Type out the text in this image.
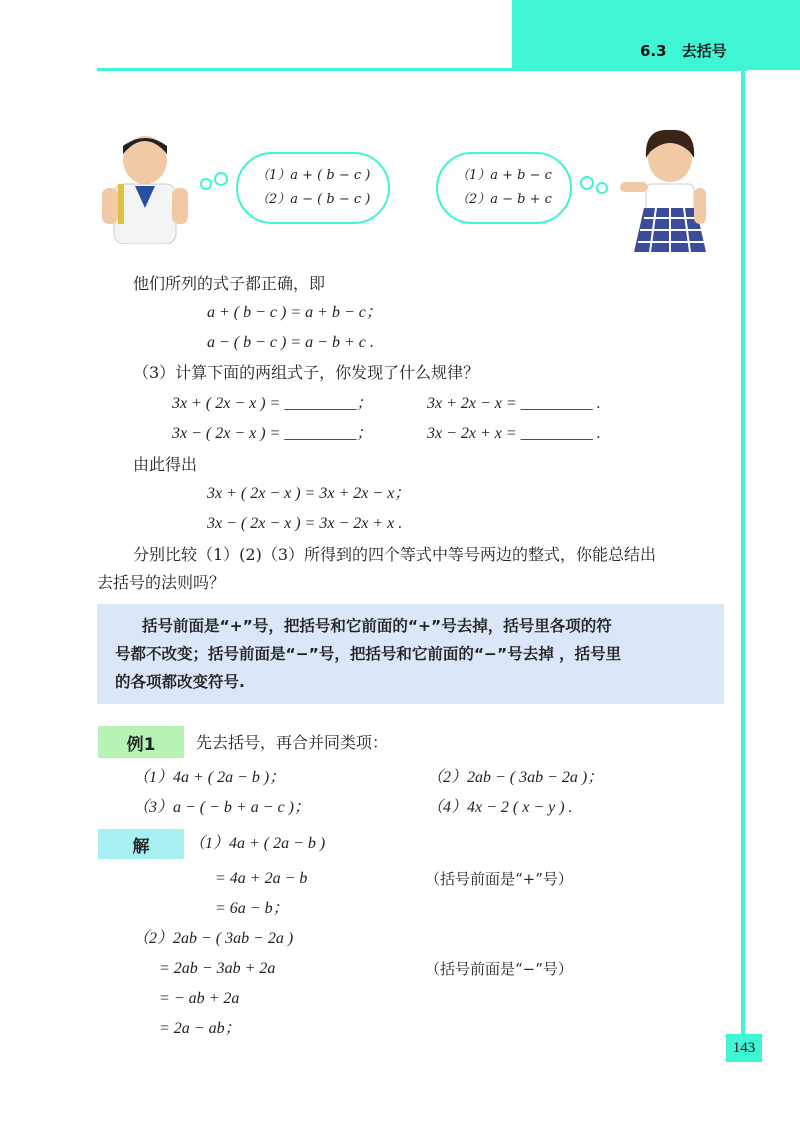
6.3　去括号
（1）a + ( b − c )
（2）a − ( b − c )
（1）a + b − c
（2）a − b + c
他们所列的式子都正确，即
a + ( b − c ) = a + b − c；
a − ( b − c ) = a − b + c .
（3）计算下面的两组式子，你发现了什么规律？
3x + ( 2x − x ) = _________；	3x + 2x − x = _________ .
3x − ( 2x − x ) = _________；	3x − 2x + x = _________ .
由此得出
3x + ( 2x − x ) = 3x + 2x − x；
3x − ( 2x − x ) = 3x − 2x + x .
分别比较（1）(2)（3）所得到的四个等式中等号两边的整式，你能总结出
去括号的法则吗？
括号前面是“+”号，把括号和它前面的“+”号去掉，括号里各项的符
号都不改变；括号前面是“−”号，把括号和它前面的“−”号去掉 ，括号里
的各项都改变符号.
例1	先去括号，再合并同类项：
（1）4a + ( 2a − b )；	（2）2ab − ( 3ab − 2a )；
（3）a − ( − b + a − c )；	（4）4x − 2 ( x − y ) .
解	（1）4a + ( 2a − b )
= 4a + 2a − b	（括号前面是“+”号）
= 6a − b；
（2）2ab − ( 3ab − 2a )
= 2ab − 3ab + 2a	（括号前面是“−”号）
= − ab + 2a
= 2a − ab；
143
